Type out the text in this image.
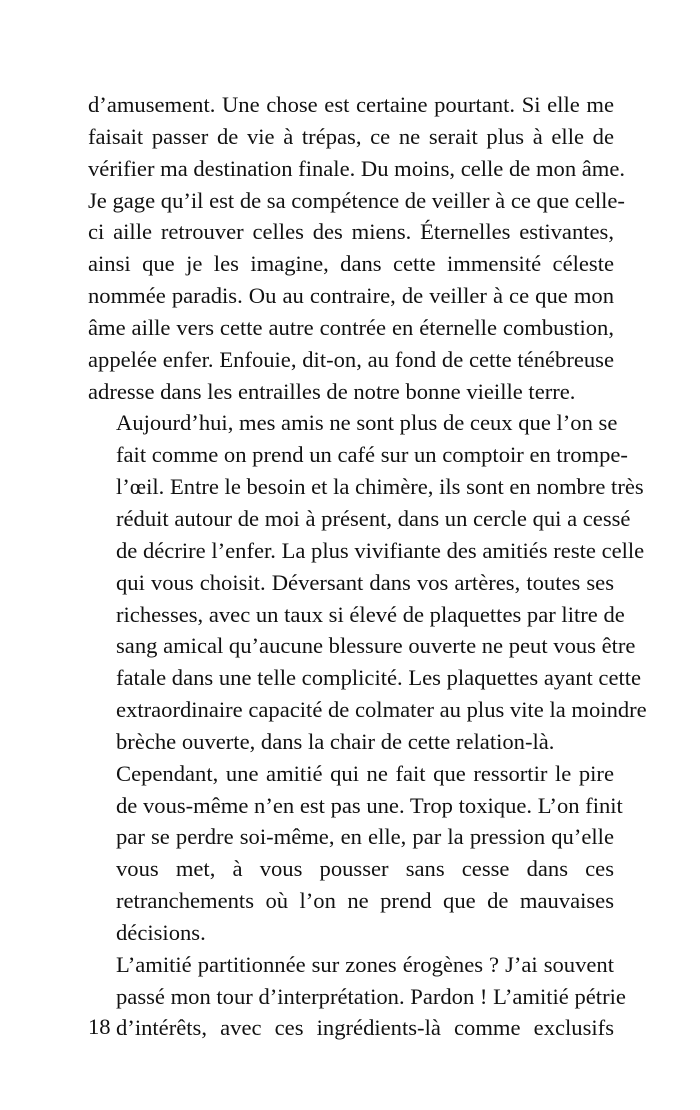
d’amusement. Une chose est certaine pourtant. Si elle me
faisait passer de vie à trépas, ce ne serait plus à elle de
vérifier ma destination finale. Du moins, celle de mon âme.
Je gage qu’il est de sa compétence de veiller à ce que celle-
ci aille retrouver celles des miens. Éternelles estivantes,
ainsi que je les imagine, dans cette immensité céleste
nommée paradis. Ou au contraire, de veiller à ce que mon
âme aille vers cette autre contrée en éternelle combustion,
appelée enfer. Enfouie, dit-on, au fond de cette ténébreuse
adresse dans les entrailles de notre bonne vieille terre.

Aujourd’hui, mes amis ne sont plus de ceux que l’on se
fait comme on prend un café sur un comptoir en trompe-
l’œil. Entre le besoin et la chimère, ils sont en nombre très
réduit autour de moi à présent, dans un cercle qui a cessé
de décrire l’enfer. La plus vivifiante des amitiés reste celle
qui vous choisit. Déversant dans vos artères, toutes ses
richesses, avec un taux si élevé de plaquettes par litre de
sang amical qu’aucune blessure ouverte ne peut vous être
fatale dans une telle complicité. Les plaquettes ayant cette
extraordinaire capacité de colmater au plus vite la moindre
brèche ouverte, dans la chair de cette relation-là.

Cependant, une amitié qui ne fait que ressortir le pire
de vous-même n’en est pas une. Trop toxique. L’on finit
par se perdre soi-même, en elle, par la pression qu’elle
vous met, à vous pousser sans cesse dans ces
retranchements où l’on ne prend que de mauvaises
décisions.

L’amitié partitionnée sur zones érogènes ? J’ai souvent
passé mon tour d’interprétation. Pardon ! L’amitié pétrie
d’intérêts, avec ces ingrédients-là comme exclusifs

18
